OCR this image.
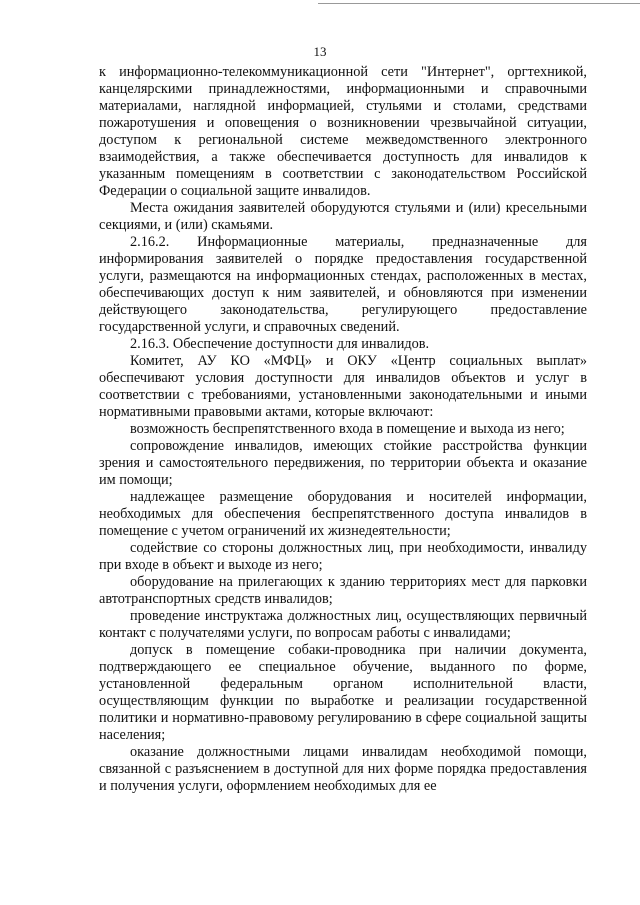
13

к информационно-телекоммуникационной сети "Интернет", оргтехникой, канцелярскими принадлежностями, информационными и справочными материалами, наглядной информацией, стульями и столами, средствами пожаротушения и оповещения о возникновении чрезвычайной ситуации, доступом к региональной системе межведомственного электронного взаимодействия, а также обеспечивается доступность для инвалидов к указанным помещениям в соответствии с законодательством Российской Федерации о социальной защите инвалидов.

Места ожидания заявителей оборудуются стульями и (или) кресельными секциями, и (или) скамьями.

2.16.2. Информационные материалы, предназначенные для информирования заявителей о порядке предоставления государственной услуги, размещаются на информационных стендах, расположенных в местах, обеспечивающих доступ к ним заявителей, и обновляются при изменении действующего законодательства, регулирующего предоставление государственной услуги, и справочных сведений.

2.16.3. Обеспечение доступности для инвалидов.

Комитет, АУ КО «МФЦ» и ОКУ «Центр социальных выплат» обеспечивают условия доступности для инвалидов объектов и услуг в соответствии с требованиями, установленными законодательными и иными нормативными правовыми актами, которые включают:

возможность беспрепятственного входа в помещение и выхода из него;

сопровождение инвалидов, имеющих стойкие расстройства функции зрения и самостоятельного передвижения, по территории объекта и оказание им помощи;

надлежащее размещение оборудования и носителей информации, необходимых для обеспечения беспрепятственного доступа инвалидов в помещение с учетом ограничений их жизнедеятельности;

содействие со стороны должностных лиц, при необходимости, инвалиду при входе в объект и выходе из него;

оборудование на прилегающих к зданию территориях мест для парковки автотранспортных средств инвалидов;

проведение инструктажа должностных лиц, осуществляющих первичный контакт с получателями услуги, по вопросам работы с инвалидами;

допуск в помещение собаки-проводника при наличии документа, подтверждающего ее специальное обучение, выданного по форме, установленной федеральным органом исполнительной власти, осуществляющим функции по выработке и реализации государственной политики и нормативно-правовому регулированию в сфере социальной защиты населения;

оказание должностными лицами инвалидам необходимой помощи, связанной с разъяснением в доступной для них форме порядка предоставления и получения услуги, оформлением необходимых для ее
